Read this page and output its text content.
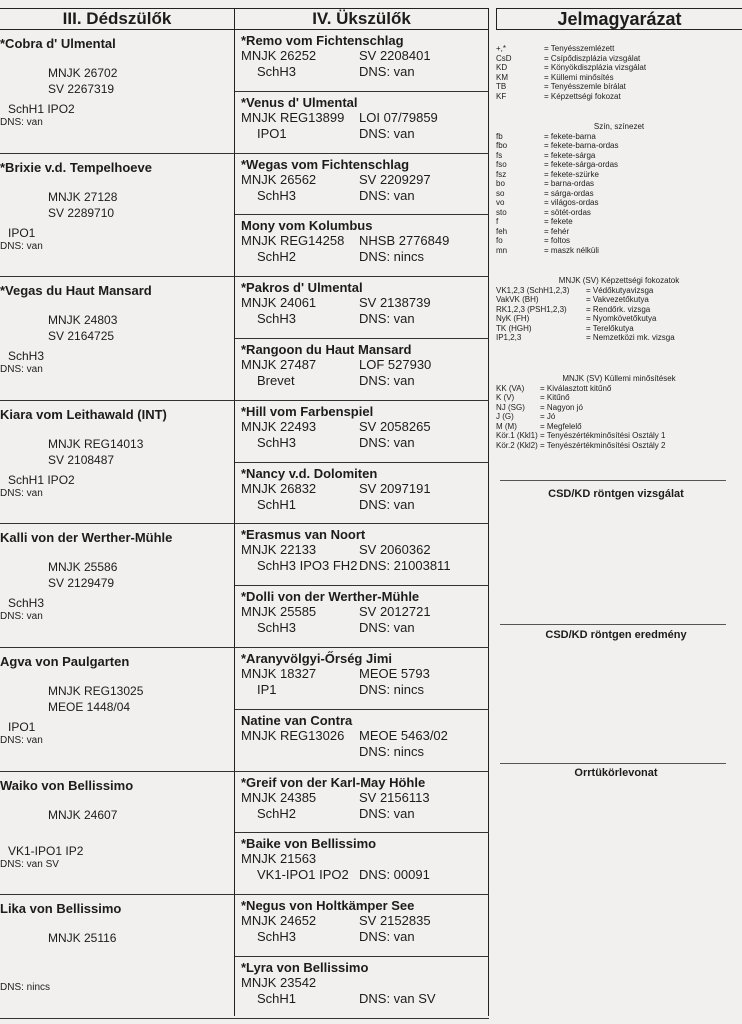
III. Dédszülők
*Cobra d' Ulmental
MNJK 26702
SV 2267319
SchH1 IPO2
DNS: van
*Brixie v.d. Tempelhoeve
MNJK 27128
SV 2289710
IPO1
DNS: van
*Vegas du Haut Mansard
MNJK 24803
SV 2164725
SchH3
DNS: van
Kiara vom Leithawald (INT)
MNJK REG14013
SV 2108487
SchH1 IPO2
DNS: van
Kalli von der Werther-Mühle
MNJK 25586
SV 2129479
SchH3
DNS: van
Agva von Paulgarten
MNJK REG13025
MEOE 1448/04
IPO1
DNS: van
Waiko von Bellissimo
MNJK 24607
VK1-IPO1 IP2
DNS: van SV
Lika von Bellissimo
MNJK 25116
DNS: nincs
IV. Ükszülők
*Remo vom Fichtenschlag
MNJK 26252	SV 2208401
SchH3	DNS: van
*Venus d' Ulmental
MNJK REG13899 LOI 07/79859
IPO1	DNS: van
*Wegas vom Fichtenschlag
MNJK 26562	SV 2209297
SchH3	DNS: van
Mony vom Kolumbus
MNJK REG14258 NHSB 2776849
SchH2	DNS: nincs
*Pakros d' Ulmental
MNJK 24061	SV 2138739
SchH3	DNS: van
*Rangoon du Haut Mansard
MNJK 27487	LOF 527930
Brevet	DNS: van
*Hill vom Farbenspiel
MNJK 22493	SV 2058265
SchH3	DNS: van
*Nancy v.d. Dolomiten
MNJK 26832	SV 2097191
SchH1	DNS: van
*Erasmus van Noort
MNJK 22133	SV 2060362
SchH3 IPO3 FH2 DNS: 21003811
*Dolli von der Werther-Mühle
MNJK 25585	SV 2012721
SchH3	DNS: van
*Aranyvölgyi-Őrség Jimi
MNJK 18327	MEOE 5793
IP1	DNS: nincs
Natine van Contra
MNJK REG13026 MEOE 5463/02
DNS: nincs
*Greif von der Karl-May Höhle
MNJK 24385	SV 2156113
SchH2	DNS: van
*Baike von Bellissimo
MNJK 21563
VK1-IPO1 IPO2 DNS: 00091
*Negus von Holtkämper See
MNJK 24652	SV 2152835
SchH3	DNS: van
*Lyra von Bellissimo
MNJK 23542
SchH1	DNS: van SV
Jelmagyarázat
+,*	= Tenyésszemlézett
CsD	= Csípődiszplázia vizsgálat
KD	= Könyökdiszplázia vizsgálat
KM	= Küllemi minősítés
TB	= Tenyésszemle bírálat
KF	= Képzettségi fokozat
Szín, színezet
fb	= fekete-barna
fbo	= fekete-barna-ordas
fs	= fekete-sárga
fso	= fekete-sárga-ordas
fsz	= fekete-szürke
bo	= barna-ordas
so	= sárga-ordas
vo	= világos-ordas
sto	= sötét-ordas
f	= fekete
feh	= fehér
fo	= foltos
mn	= maszk nélküli
MNJK (SV) Képzettségi fokozatok
VK1,2,3 (SchH1,2,3)	= Védőkutyavizsga
VakVK (BH)	= Vakvezetőkutya
RK1,2,3 (PSH1,2,3)	= Rendőrk. vizsga
NyK (FH)	= Nyomkövetőkutya
TK (HGH)	= Terelőkutya
IP1,2,3	= Nemzetközi mk. vizsga
MNJK (SV) Küllemi minősítések
KK (VA)	= Kiválasztott kitűnő
K (V)	= Kitűnő
NJ (SG)	= Nagyon jó
J (G)	= Jó
M (M)	= Megfelelő
Kör.1 (Kkl1) = Tenyészértékminősítési Osztály 1
Kör.2 (Kkl2) = Tenyészértékminősítési Osztály 2
CSD/KD röntgen vizsgálat
CSD/KD röntgen eredmény
Orrtükörlevonat
